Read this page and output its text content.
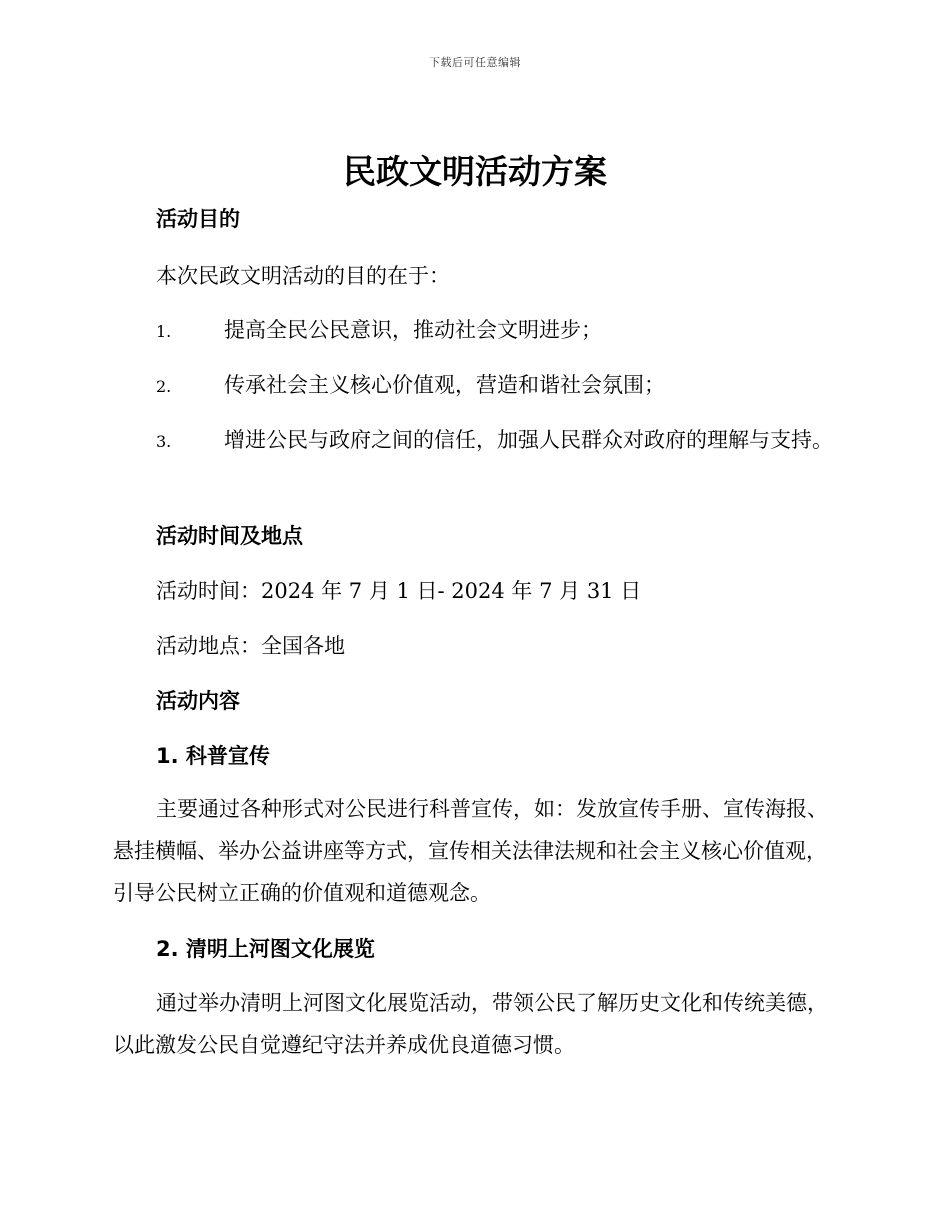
下载后可任意编辑
民政文明活动方案
活动目的

本次民政文明活动的目的在于：

1.	提高全民公民意识，推动社会文明进步；

2.	传承社会主义核心价值观，营造和谐社会氛围；

3.	增进公民与政府之间的信任，加强人民群众对政府的理解与支持。

活动时间及地点

活动时间：2024 年 7 月 1 日- 2024 年 7 月 31 日

活动地点：全国各地

活动内容
1. 科普宣传

主要通过各种形式对公民进行科普宣传，如：发放宣传手册、宣传海报、悬挂横幅、举办公益讲座等方式，宣传相关法律法规和社会主义核心价值观，引导公民树立正确的价值观和道德观念。

2. 清明上河图文化展览

通过举办清明上河图文化展览活动，带领公民了解历史文化和传统美德，以此激发公民自觉遵纪守法并养成优良道德习惯。
